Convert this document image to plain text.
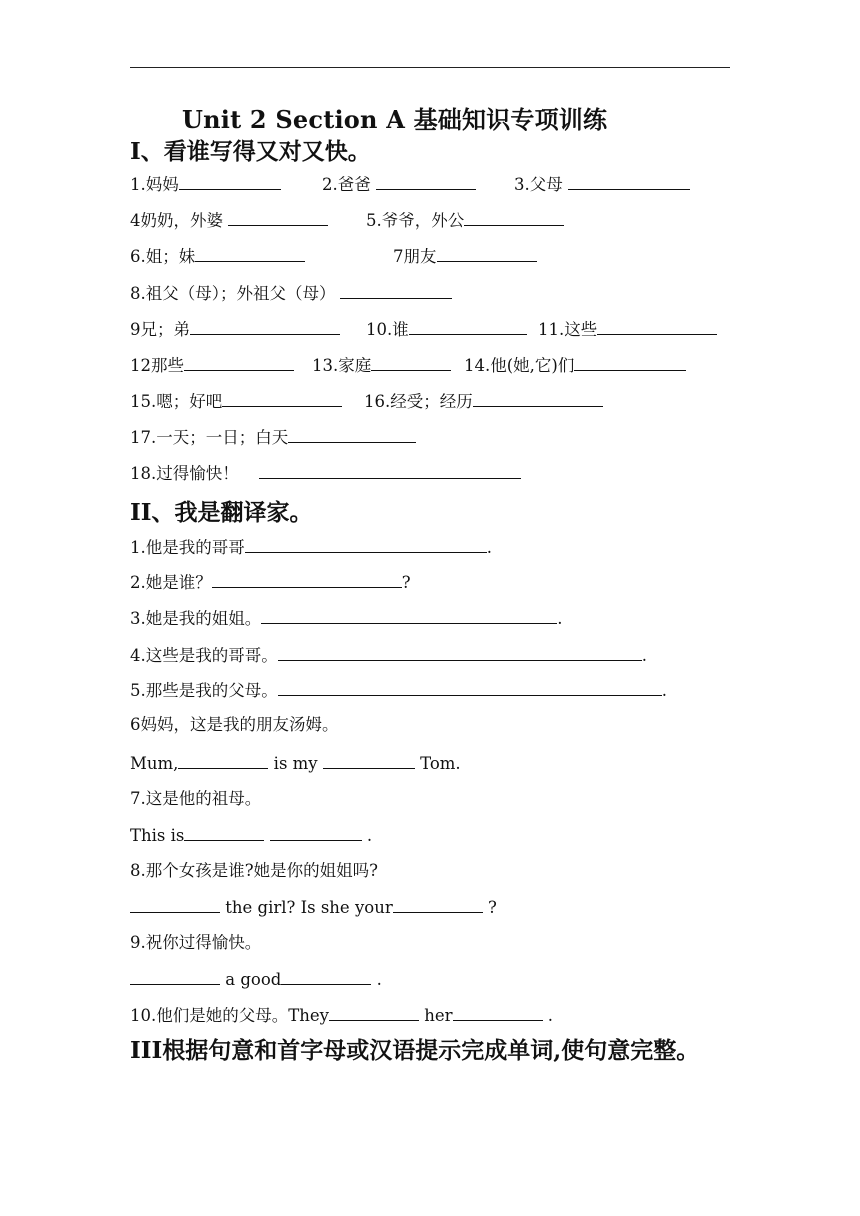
Unit 2 Section A 基础知识专项训练
I、看谁写得又对又快。
1.妈妈	2.爸爸	3.父母
4奶奶，外婆	5.爷爷，外公
6.姐；妹	7朋友
8.祖父（母）；外祖父（母）
9兄；弟	10.谁	11.这些
12那些	13.家庭	14.他(她,它)们
15.嗯；好吧	16.经受；经历
17.一天；一日；白天
18.过得愉快！
II、我是翻译家。
1.他是我的哥哥	.
2.她是谁？	?
3.她是我的姐姐。	.
4.这些是我的哥哥。	.
5.那些是我的父母。	.
6妈妈，这是我的朋友汤姆。
Mum,	is my	Tom.
7.这是他的祖母。
This is	.
8.那个女孩是谁?她是你的姐姐吗?
the girl? Is she your	?
9.祝你过得愉快。
a good	.
10.他们是她的父母。They	her	.
III根据句意和首字母或汉语提示完成单词,使句意完整。
